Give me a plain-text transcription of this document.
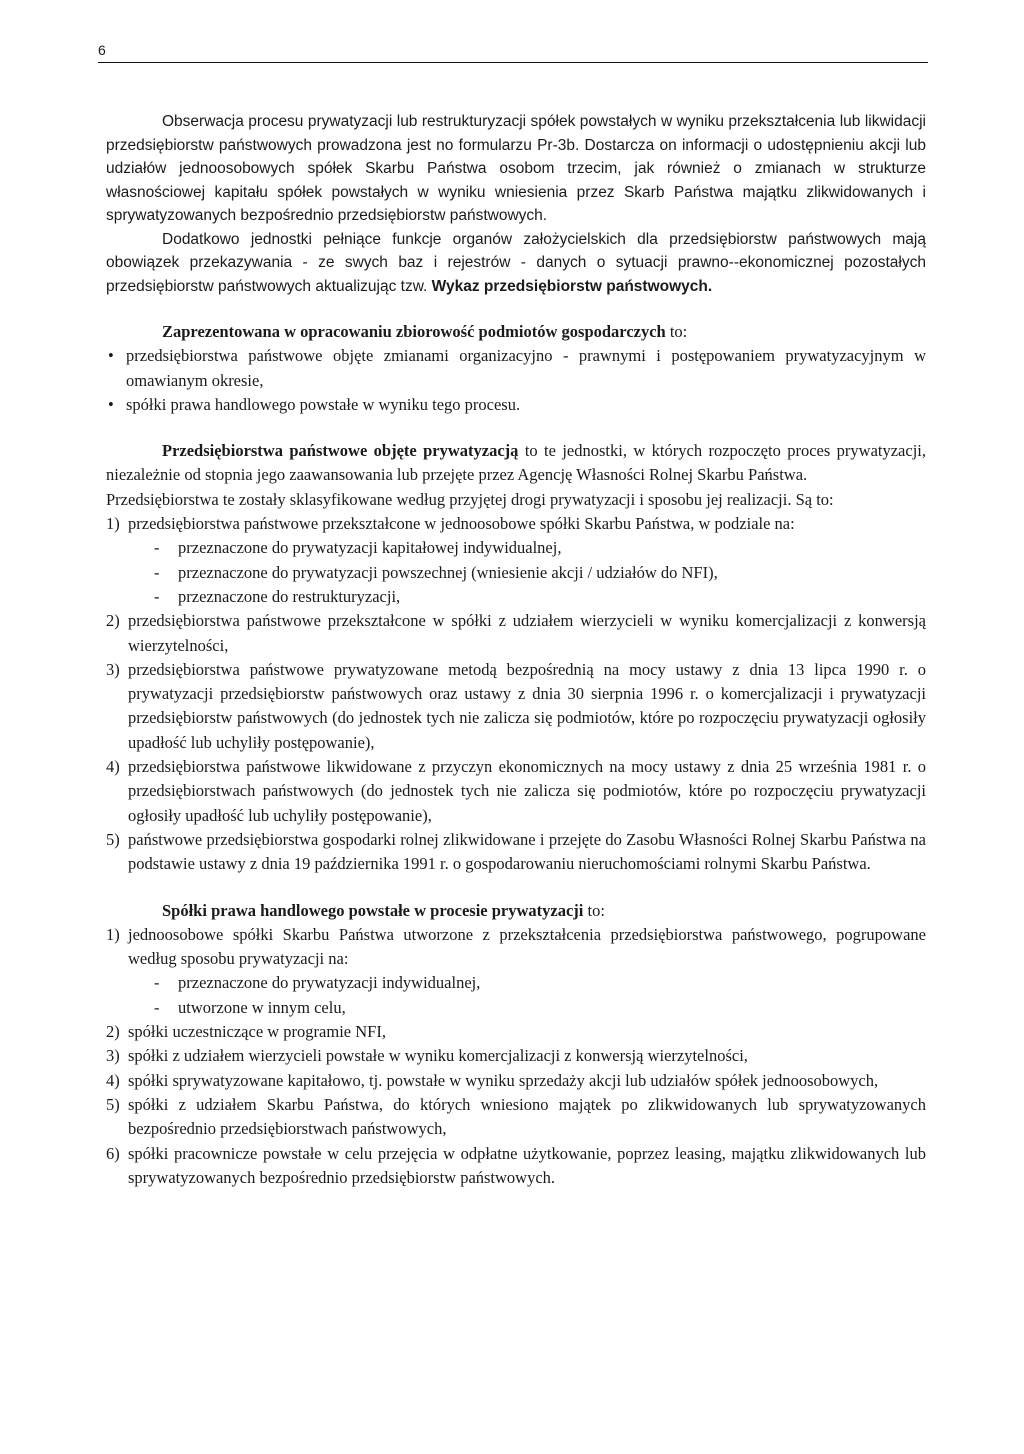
6

Obserwacja procesu prywatyzacji lub restrukturyzacji spółek powstałych w wyniku przekształcenia lub likwidacji przedsiębiorstw państwowych prowadzona jest no formularzu Pr-3b. Dostarcza on informacji o udostępnieniu akcji lub udziałów jednoosobowych spółek Skarbu Państwa osobom trzecim, jak również o zmianach w strukturze własnościowej kapitału spółek powstałych w wyniku wniesienia przez Skarb Państwa majątku zlikwidowanych i sprywatyzowanych bezpośrednio przedsiębiorstw państwowych.

Dodatkowo jednostki pełniące funkcje organów założycielskich dla przedsiębiorstw państwowych mają obowiązek przekazywania - ze swych baz i rejestrów - danych o sytuacji prawno--ekonomicznej pozostałych przedsiębiorstw państwowych aktualizując tzw. Wykaz przedsiębiorstw państwowych.

Zaprezentowana w opracowaniu zbiorowość podmiotów gospodarczych to:

• przedsiębiorstwa państwowe objęte zmianami organizacyjno - prawnymi i postępowaniem prywatyzacyjnym w omawianym okresie,
• spółki prawa handlowego powstałe w wyniku tego procesu.

Przedsiębiorstwa państwowe objęte prywatyzacją to te jednostki, w których rozpoczęto proces prywatyzacji, niezależnie od stopnia jego zaawansowania lub przejęte przez Agencję Własności Rolnej Skarbu Państwa.

Przedsiębiorstwa te zostały sklasyfikowane według przyjętej drogi prywatyzacji i sposobu jej realizacji. Są to:

1) przedsiębiorstwa państwowe przekształcone w jednoosobowe spółki Skarbu Państwa, w podziale na:
- przeznaczone do prywatyzacji kapitałowej indywidualnej,
- przeznaczone do prywatyzacji powszechnej (wniesienie akcji / udziałów do NFI),
- przeznaczone do restrukturyzacji,
2) przedsiębiorstwa państwowe przekształcone w spółki z udziałem wierzycieli w wyniku komercjalizacji z konwersją wierzytelności,
3) przedsiębiorstwa państwowe prywatyzowane metodą bezpośrednią na mocy ustawy z dnia 13 lipca 1990 r. o prywatyzacji przedsiębiorstw państwowych oraz ustawy z dnia 30 sierpnia 1996 r. o komercjalizacji i prywatyzacji przedsiębiorstw państwowych (do jednostek tych nie zalicza się podmiotów, które po rozpoczęciu prywatyzacji ogłosiły upadłość lub uchyliły postępowanie),
4) przedsiębiorstwa państwowe likwidowane z przyczyn ekonomicznych na mocy ustawy z dnia 25 września 1981 r. o przedsiębiorstwach państwowych (do jednostek tych nie zalicza się podmiotów, które po rozpoczęciu prywatyzacji ogłosiły upadłość lub uchyliły postępowanie),
5) państwowe przedsiębiorstwa gospodarki rolnej zlikwidowane i przejęte do Zasobu Własności Rolnej Skarbu Państwa na podstawie ustawy z dnia 19 października 1991 r. o gospodarowaniu nieruchomościami rolnymi Skarbu Państwa.

Spółki prawa handlowego powstałe w procesie prywatyzacji to:

1) jednoosobowe spółki Skarbu Państwa utworzone z przekształcenia przedsiębiorstwa państwowego, pogrupowane według sposobu prywatyzacji na:
- przeznaczone do prywatyzacji indywidualnej,
- utworzone w innym celu,
2) spółki uczestniczące w programie NFI,
3) spółki z udziałem wierzycieli powstałe w wyniku komercjalizacji z konwersją wierzytelności,
4) spółki sprywatyzowane kapitałowo, tj. powstałe w wyniku sprzedaży akcji lub udziałów spółek jednoosobowych,
5) spółki z udziałem Skarbu Państwa, do których wniesiono majątek po zlikwidowanych lub sprywatyzowanych bezpośrednio przedsiębiorstwach państwowych,
6) spółki pracownicze powstałe w celu przejęcia w odpłatne użytkowanie, poprzez leasing, majątku zlikwidowanych lub sprywatyzowanych bezpośrednio przedsiębiorstw państwowych.
